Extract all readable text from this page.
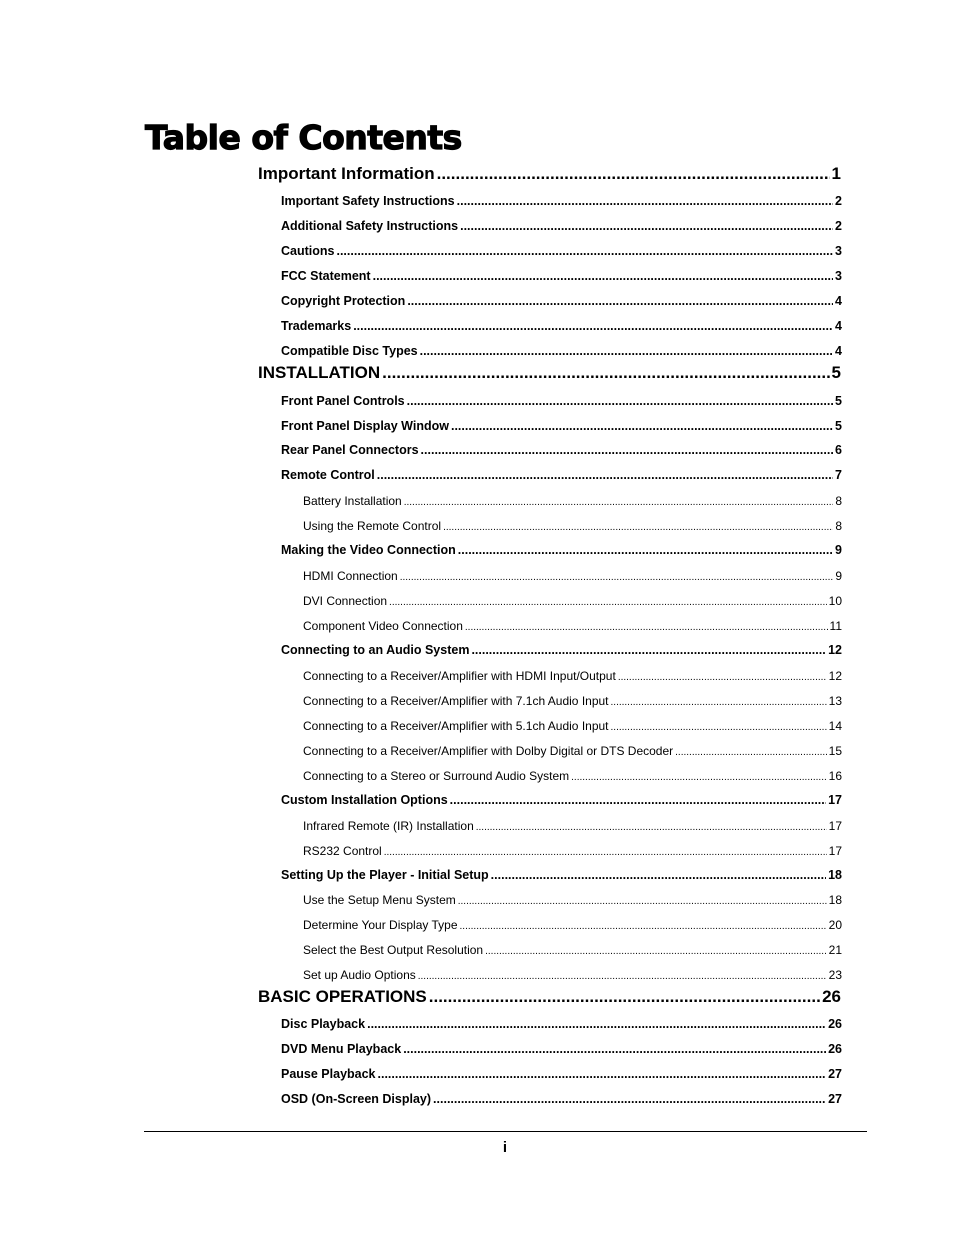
Table of Contents
Important Information .....	1
Important Safety Instructions .....	2
Additional Safety Instructions .....	2
Cautions .....	3
FCC Statement .....	3
Copyright Protection .....	4
Trademarks .....	4
Compatible Disc Types .....	4
INSTALLATION .....	5
Front Panel Controls .....	5
Front Panel Display Window .....	5
Rear Panel Connectors .....	6
Remote Control .....	7
Battery Installation .....	8
Using the Remote Control .....	8
Making the Video Connection .....	9
HDMI Connection .....	9
DVI Connection .....	10
Component Video Connection .....	11
Connecting to an Audio System .....	12
Connecting to a Receiver/Amplifier with HDMI Input/Output .....	12
Connecting to a Receiver/Amplifier with 7.1ch Audio Input .....	13
Connecting to a Receiver/Amplifier with 5.1ch Audio Input .....	14
Connecting to a Receiver/Amplifier with Dolby Digital or DTS Decoder .....	15
Connecting to a Stereo or Surround Audio System .....	16
Custom Installation Options .....	17
Infrared Remote (IR) Installation .....	17
RS232 Control .....	17
Setting Up the Player - Initial Setup .....	18
Use the Setup Menu System .....	18
Determine Your Display Type .....	20
Select the Best Output Resolution .....	21
Set up Audio Options .....	23
BASIC OPERATIONS .....	26
Disc Playback .....	26
DVD Menu Playback .....	26
Pause Playback .....	27
OSD (On-Screen Display) .....	27
i
